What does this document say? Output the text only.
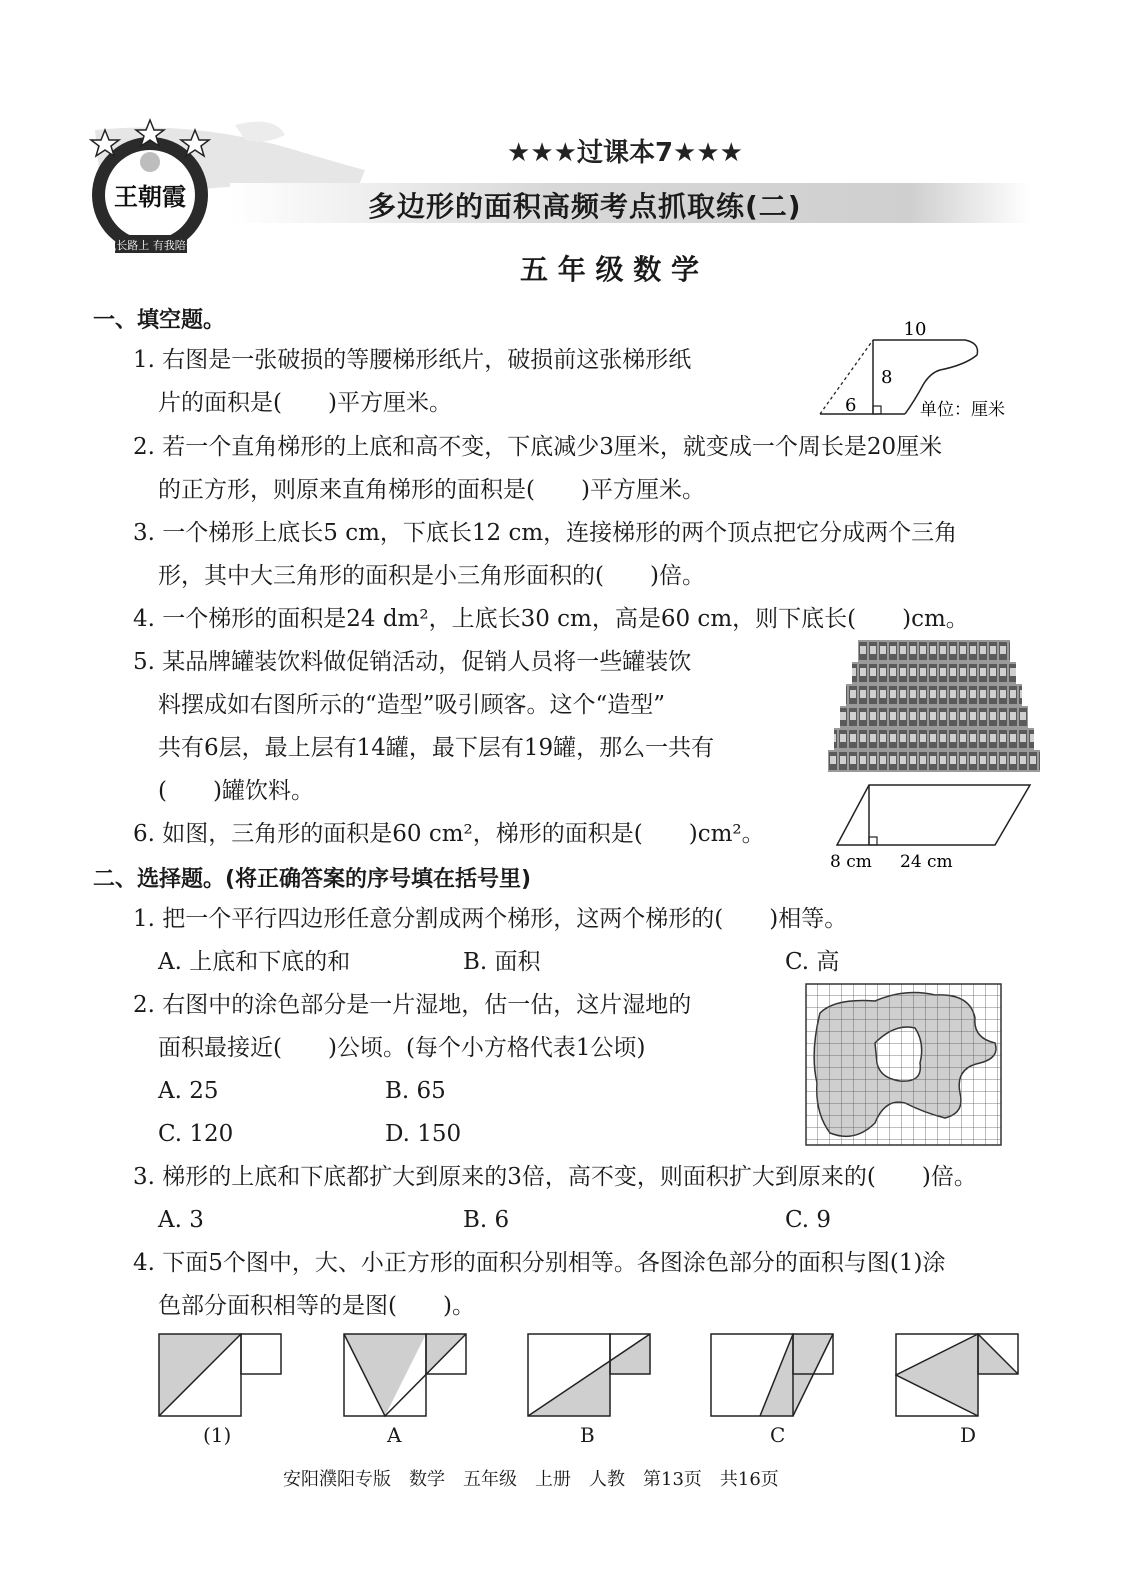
成长路上 有我陪伴
王朝霞
★★★过课本7★★★
多边形的面积高频考点抓取练(二)
五 年 级 数 学
一、填空题。
1. 右图是一张破损的等腰梯形纸片，破损前这张梯形纸
片的面积是(　　)平方厘米。
10
8
6	单位：厘米
2. 若一个直角梯形的上底和高不变，下底减少3厘米，就变成一个周长是20厘米
的正方形，则原来直角梯形的面积是(　　)平方厘米。
3. 一个梯形上底长5 cm，下底长12 cm，连接梯形的两个顶点把它分成两个三角
形，其中大三角形的面积是小三角形面积的(　　)倍。
4. 一个梯形的面积是24 dm²，上底长30 cm，高是60 cm，则下底长(　　)cm。
5. 某品牌罐装饮料做促销活动，促销人员将一些罐装饮
料摆成如右图所示的“造型”吸引顾客。这个“造型”
共有6层，最上层有14罐，最下层有19罐，那么一共有
(　　)罐饮料。
6. 如图，三角形的面积是60 cm²，梯形的面积是(　　)cm²。
8 cm 24 cm
二、选择题。(将正确答案的序号填在括号里)
1. 把一个平行四边形任意分割成两个梯形，这两个梯形的(　　)相等。
A. 上底和下底的和	B. 面积	C. 高
2. 右图中的涂色部分是一片湿地，估一估，这片湿地的
面积最接近(　　)公顷。(每个小方格代表1公顷)
A. 25	B. 65
C. 120	D. 150
3. 梯形的上底和下底都扩大到原来的3倍，高不变，则面积扩大到原来的(　　)倍。
A. 3	B. 6	C. 9
4. 下面5个图中，大、小正方形的面积分别相等。各图涂色部分的面积与图(1)涂
色部分面积相等的是图(　　)。
(1)	A	B	C	D
安阳濮阳专版　数学　五年级　上册　人教　第13页　共16页
